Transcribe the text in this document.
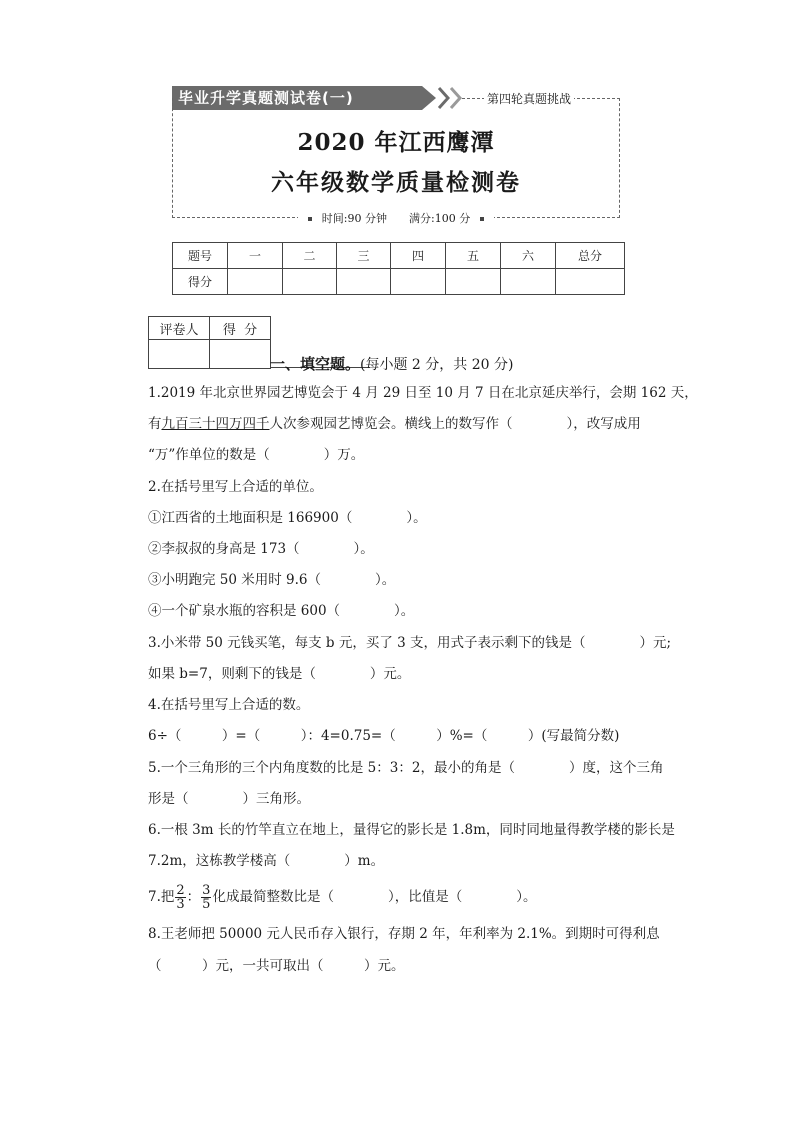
毕业升学真题测试卷(一)	第四轮真题挑战
2020 年江西鹰潭
六年级数学质量检测卷
时间:90 分钟 满分:100 分
题号	一	二	三	四	五	六	总分
得分							
评卷人	得  分

一、填空题。(每小题 2 分，共 20 分)
1.2019 年北京世界园艺博览会于 4 月 29 日至 10 月 7 日在北京延庆举行，会期 162 天，
有九百三十四万四千人次参观园艺博览会。横线上的数写作（　　　　），改写成用
“万”作单位的数是（　　　　）万。
2.在括号里写上合适的单位。
①江西省的土地面积是 166900（　　　　）。
②李叔叔的身高是 173（　　　　）。
③小明跑完 50 米用时 9.6（　　　　）。
④一个矿泉水瓶的容积是 600（　　　　）。
3.小米带 50 元钱买笔，每支 b 元，买了 3 支，用式子表示剩下的钱是（　　　　）元;
如果 b=7，则剩下的钱是（　　　　）元。
4.在括号里写上合适的数。
6÷（　　　）=（　　　）：4=0.75=（　　　）%=（　　　）(写最简分数)
5.一个三角形的三个内角度数的比是 5：3：2，最小的角是（　　　　）度，这个三角
形是（　　　　）三角形。
6.一根 3m 长的竹竿直立在地上，量得它的影长是 1.8m，同时同地量得教学楼的影长是
7.2m，这栋教学楼高（　　　　）m。
7.把 $\frac{2}{3}$ ： $\frac{3}{5}$ 化成最简整数比是（　　　　），比值是（　　　　）。
8.王老师把 50000 元人民币存入银行，存期 2 年，年利率为 2.1%。到期时可得利息
（　　　）元，一共可取出（　　　）元。
